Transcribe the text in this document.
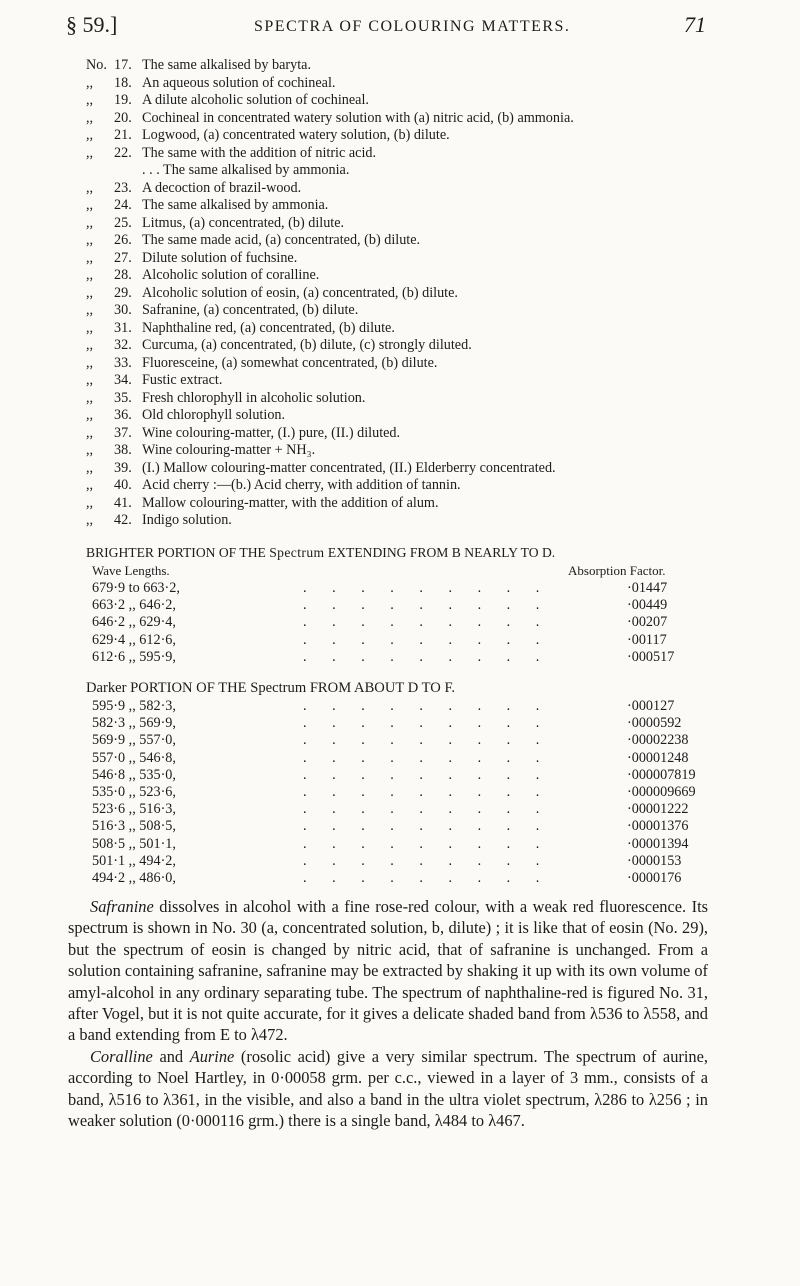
§ 59.]	SPECTRA OF COLOURING MATTERS.	71
No. 17. The same alkalised by baryta.
,,	18. An aqueous solution of cochineal.
,,	19. A dilute alcoholic solution of cochineal.
,,	20. Cochineal in concentrated watery solution with (a) nitric acid, (b) ammonia.
,,	21. Logwood, (a) concentrated watery solution, (b) dilute.
,,	22. The same with the addition of nitric acid.
. . . The same alkalised by ammonia.
,,	23. A decoction of brazil-wood.
,,	24. The same alkalised by ammonia.
,,	25. Litmus, (a) concentrated, (b) dilute.
,,	26. The same made acid, (a) concentrated, (b) dilute.
,,	27. Dilute solution of fuchsine.
,,	28. Alcoholic solution of coralline.
,,	29. Alcoholic solution of eosin, (a) concentrated, (b) dilute.
,,	30. Safranine, (a) concentrated, (b) dilute.
,,	31. Naphthaline red, (a) concentrated, (b) dilute.
,,	32. Curcuma, (a) concentrated, (b) dilute, (c) strongly diluted.
,,	33. Fluoresceine, (a) somewhat concentrated, (b) dilute.
,,	34. Fustic extract.
,,	35. Fresh chlorophyll in alcoholic solution.
,,	36. Old chlorophyll solution.
,,	37. Wine colouring-matter, (I.) pure, (II.) diluted.
,,	38. Wine colouring-matter + NH₃.
,,	39. (I.) Mallow colouring-matter concentrated, (II.) Elderberry concentrated.
,,	40. Acid cherry :—(b.) Acid cherry, with addition of tannin.
,,	41. Mallow colouring-matter, with the addition of alum.
,,	42. Indigo solution.
BRIGHTER PORTION OF THE Spectrum EXTENDING FROM B NEARLY TO D.
Wave Lengths.	Absorption Factor.
679·9 to 663·2,	. . . . . . . . .	·01447
663·2 ,, 646·2,	. . . . . . . . .	·00449
646·2 ,, 629·4,	. . . . . . . . .	·00207
629·4 ,, 612·6,	. . . . . . . . .	·00117
612·6 ,, 595·9,	. . . . . . . . .	·000517
Darker PORTION OF THE Spectrum FROM ABOUT D TO F.
595·9 ,, 582·3,	. . . . . . . . .	·000127
582·3 ,, 569·9,	. . . . . . . . .	·0000592
569·9 ,, 557·0,	. . . . . . . . .	·00002238
557·0 ,, 546·8,	. . . . . . . . .	·00001248
546·8 ,, 535·0,	. . . . . . . . .	·000007819
535·0 ,, 523·6,	. . . . . . . . .	·000009669
523·6 ,, 516·3,	. . . . . . . . .	·00001222
516·3 ,, 508·5,	. . . . . . . . .	·00001376
508·5 ,, 501·1,	. . . . . . . . .	·00001394
501·1 ,, 494·2,	. . . . . . . . .	·0000153
494·2 ,, 486·0,	. . . . . . . . .	·0000176

Safranine dissolves in alcohol with a fine rose-red colour, with a weak red fluorescence. Its spectrum is shown in No. 30 (a, concentrated solution, b, dilute) ; it is like that of eosin (No. 29), but the spectrum of eosin is changed by nitric acid, that of safranine is unchanged. From a solution containing safranine, safranine may be extracted by shaking it up with its own volume of amyl-alcohol in any ordinary separating tube. The spectrum of naphthaline-red is figured No. 31, after Vogel, but it is not quite accurate, for it gives a delicate shaded band from λ536 to λ558, and a band extending from E to λ472.

Coralline and Aurine (rosolic acid) give a very similar spectrum. The spectrum of aurine, according to Noel Hartley, in 0·00058 grm. per c.c., viewed in a layer of 3 mm., consists of a band, λ516 to λ361, in the visible, and also a band in the ultra violet spectrum, λ286 to λ256 ; in weaker solution (0·000116 grm.) there is a single band, λ484 to λ467.
